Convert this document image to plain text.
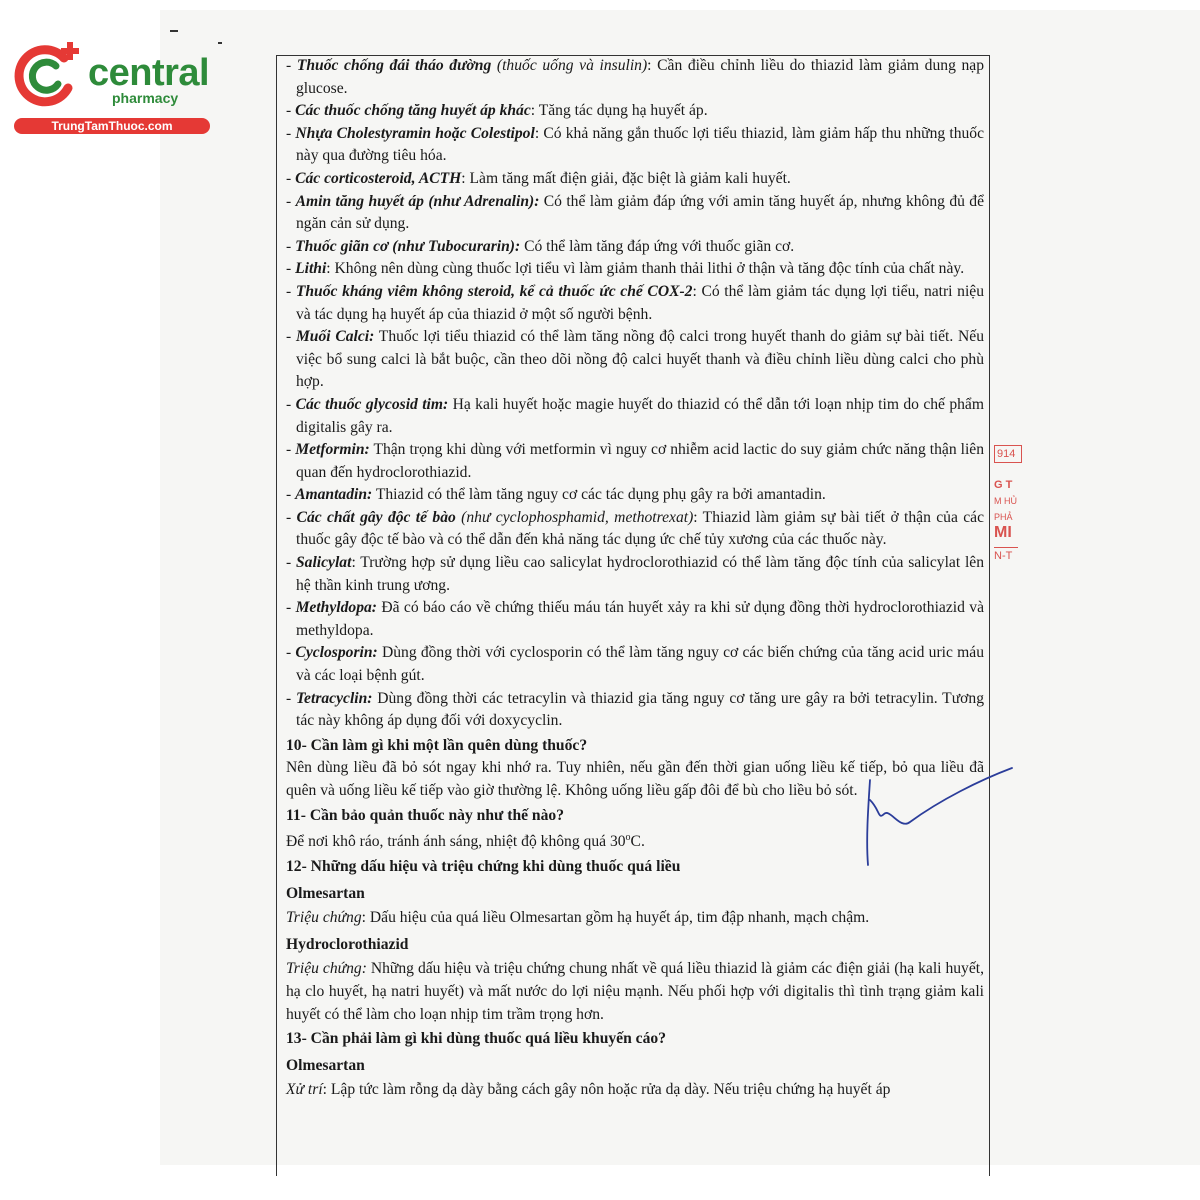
central
pharmacy
TrungTamThuoc.com

- Thuốc chống đái tháo đường (thuốc uống và insulin): Cần điều chỉnh liều do thiazid làm giảm dung nạp glucose.

- Các thuốc chống tăng huyết áp khác: Tăng tác dụng hạ huyết áp.

- Nhựa Cholestyramin hoặc Colestipol: Có khả năng gắn thuốc lợi tiểu thiazid, làm giảm hấp thu những thuốc này qua đường tiêu hóa.

- Các corticosteroid, ACTH: Làm tăng mất điện giải, đặc biệt là giảm kali huyết.

- Amin tăng huyết áp (như Adrenalin): Có thể làm giảm đáp ứng với amin tăng huyết áp, nhưng không đủ để ngăn cản sử dụng.

- Thuốc giãn cơ (như Tubocurarin): Có thể làm tăng đáp ứng với thuốc giãn cơ.

- Lithi: Không nên dùng cùng thuốc lợi tiểu vì làm giảm thanh thải lithi ở thận và tăng độc tính của chất này.

- Thuốc kháng viêm không steroid, kể cả thuốc ức chế COX-2: Có thể làm giảm tác dụng lợi tiểu, natri niệu và tác dụng hạ huyết áp của thiazid ở một số người bệnh.

- Muối Calci: Thuốc lợi tiểu thiazid có thể làm tăng nồng độ calci trong huyết thanh do giảm sự bài tiết. Nếu việc bổ sung calci là bắt buộc, cần theo dõi nồng độ calci huyết thanh và điều chỉnh liều dùng calci cho phù hợp.

- Các thuốc glycosid tim: Hạ kali huyết hoặc magie huyết do thiazid có thể dẫn tới loạn nhịp tim do chế phẩm digitalis gây ra.

- Metformin: Thận trọng khi dùng với metformin vì nguy cơ nhiễm acid lactic do suy giảm chức năng thận liên quan đến hydroclorothiazid.

- Amantadin: Thiazid có thể làm tăng nguy cơ các tác dụng phụ gây ra bởi amantadin.

- Các chất gây độc tế bào (như cyclophosphamid, methotrexat): Thiazid làm giảm sự bài tiết ở thận của các thuốc gây độc tế bào và có thể dẫn đến khả năng tác dụng ức chế tủy xương của các thuốc này.

- Salicylat: Trường hợp sử dụng liều cao salicylat hydroclorothiazid có thể làm tăng độc tính của salicylat lên hệ thần kinh trung ương.

- Methyldopa: Đã có báo cáo về chứng thiếu máu tán huyết xảy ra khi sử dụng đồng thời hydroclorothiazid và methyldopa.

- Cyclosporin: Dùng đồng thời với cyclosporin có thể làm tăng nguy cơ các biến chứng của tăng acid uric máu và các loại bệnh gút.

- Tetracyclin: Dùng đồng thời các tetracylin và thiazid gia tăng nguy cơ tăng ure gây ra bởi tetracylin. Tương tác này không áp dụng đối với doxycyclin.

10- Cần làm gì khi một lần quên dùng thuốc?

Nên dùng liều đã bỏ sót ngay khi nhớ ra. Tuy nhiên, nếu gần đến thời gian uống liều kế tiếp, bỏ qua liều đã quên và uống liều kế tiếp vào giờ thường lệ. Không uống liều gấp đôi để bù cho liều bỏ sót.

11- Cần bảo quản thuốc này như thế nào?

Để nơi khô ráo, tránh ánh sáng, nhiệt độ không quá 30$^o$C.

12- Những dấu hiệu và triệu chứng khi dùng thuốc quá liều

Olmesartan

Triệu chứng: Dấu hiệu của quá liều Olmesartan gồm hạ huyết áp, tim đập nhanh, mạch chậm.

Hydroclorothiazid

Triệu chứng: Những dấu hiệu và triệu chứng chung nhất về quá liều thiazid là giảm các điện giải (hạ kali huyết, hạ clo huyết, hạ natri huyết) và mất nước do lợi niệu mạnh. Nếu phối hợp với digitalis thì tình trạng giảm kali huyết có thể làm cho loạn nhịp tim trầm trọng hơn.

13- Cần phải làm gì khi dùng thuốc quá liều khuyến cáo?

Olmesartan

Xử trí: Lập tức làm rỗng dạ dày bằng cách gây nôn hoặc rửa dạ dày. Nếu triệu chứng hạ huyết áp

914
G T
M HỦ
PHẢ
MI
N-T
